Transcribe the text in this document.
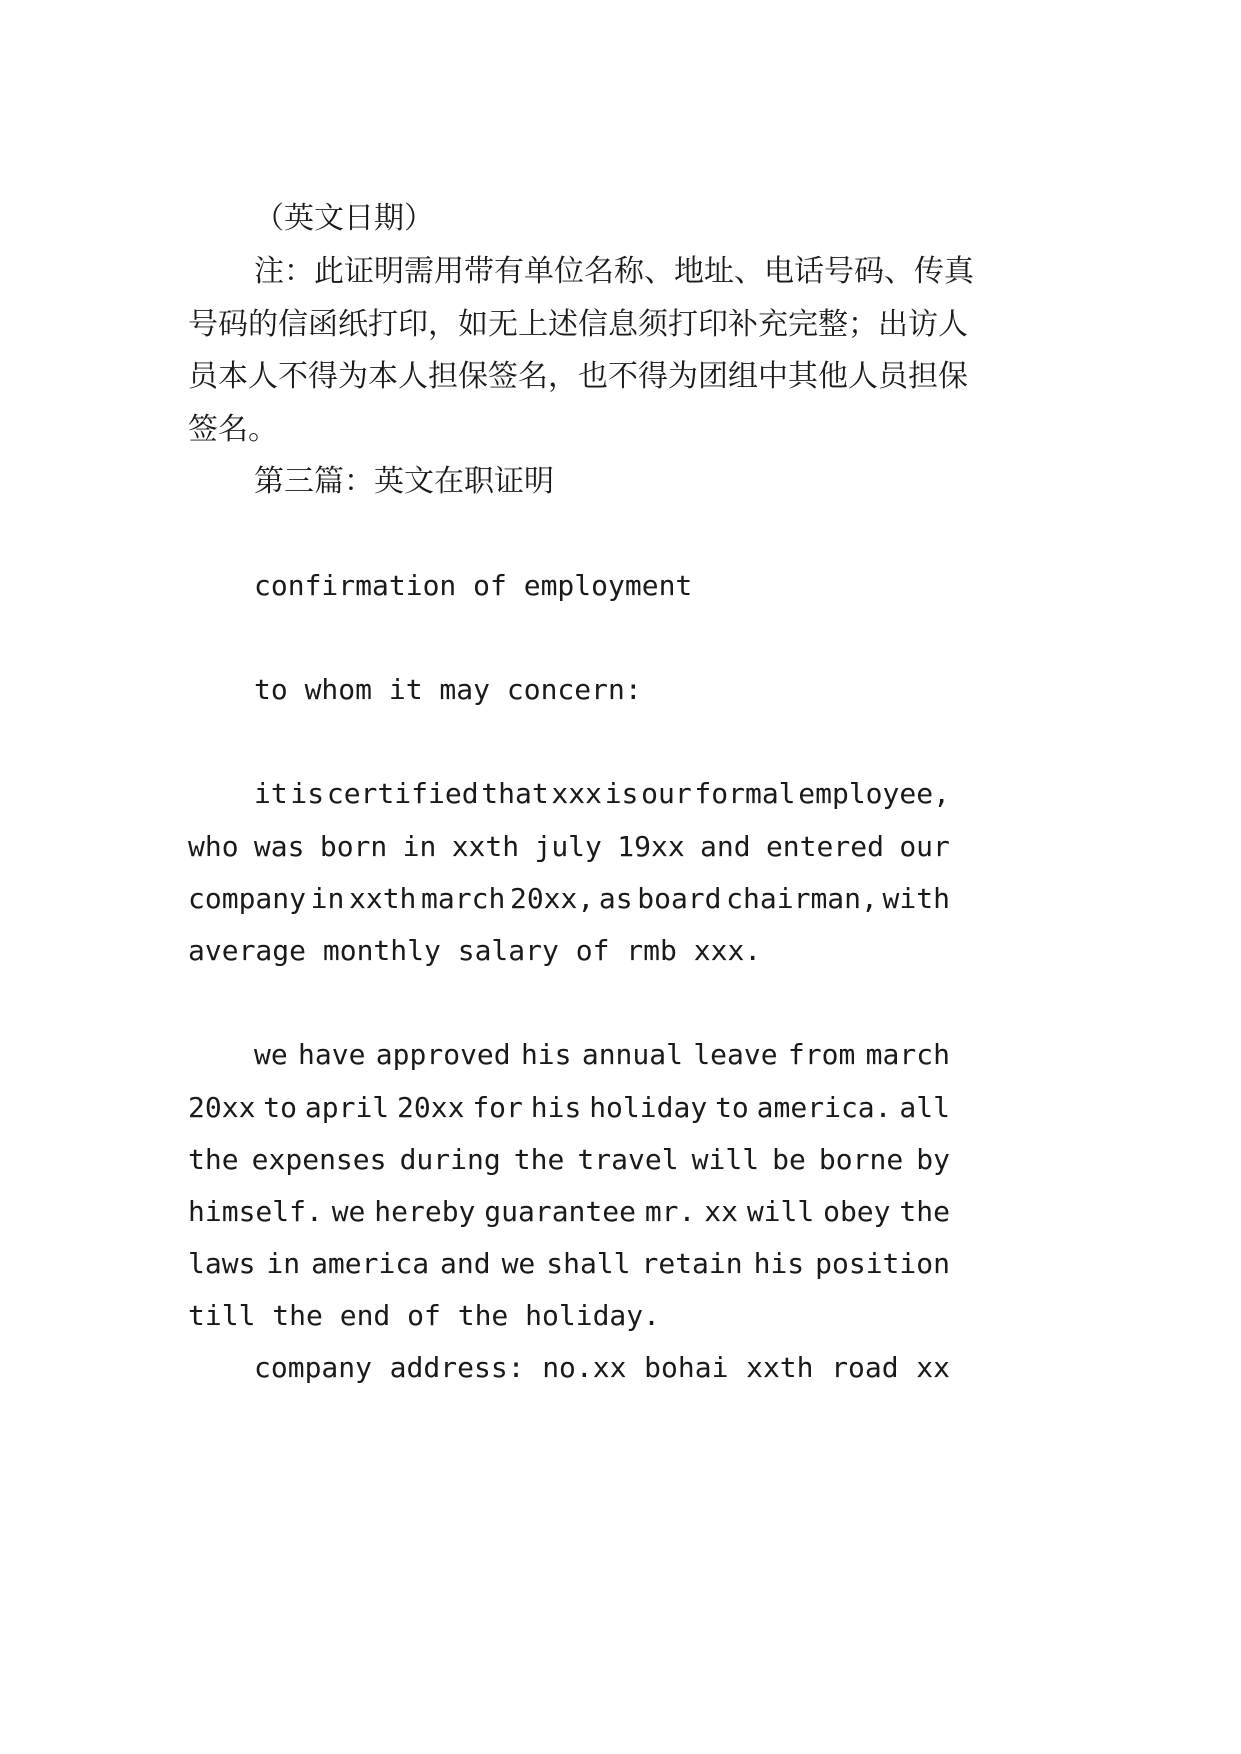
（英文日期）

注 ： 此 证 明 需 用 带 有 单 位 名 称 、 地 址 、 电 话 号 码 、 传 真

号 码 的 信 函 纸 打 印 ， 如 无 上 述 信 息 须 打 印 补 充 完 整 ； 出 访 人

员 本 人 不 得 为 本 人 担 保 签 名 ， 也 不 得 为 团 组 中 其 他 人 员 担 保

签名。

第三篇：英文在职证明

confirmation of employment

to whom it may concern:

it is certified that xxx is our formal employee,

who was born in xxth july 19xx and entered our

company in xxth march 20xx, as board chairman, with

average monthly salary of rmb xxx.

we have approved his annual leave from march

20xx to april 20xx for his holiday to america. all

the expenses during the travel will be borne by

himself. we hereby guarantee mr. xx will obey the

laws in america and we shall retain his position

till the end of the holiday.

company address: no.xx bohai xxth road xx
